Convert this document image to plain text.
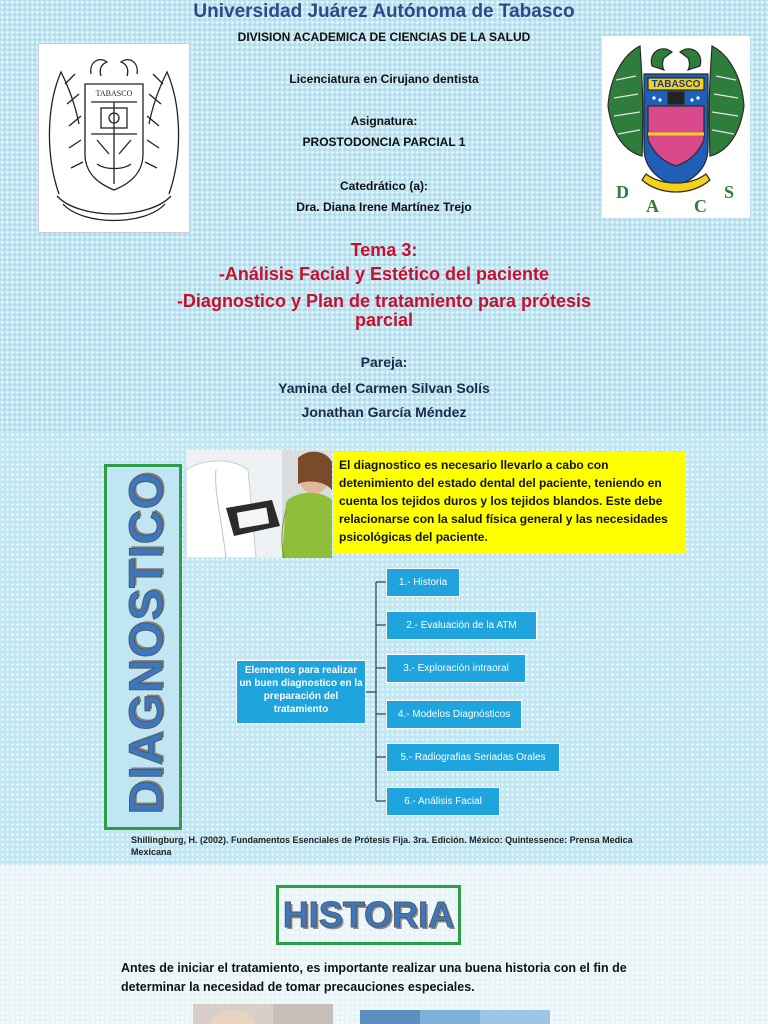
Universidad Juárez Autónoma de Tabasco

DIVISION ACADEMICA DE CIENCIAS DE LA SALUD

Licenciatura en Cirujano dentista

Asignatura:

PROSTODONCIA PARCIAL 1

Catedrático (a):

Dra. Diana Irene Martínez Trejo

Tema 3:

-Análisis Facial y Estético del paciente

-Diagnostico y Plan de tratamiento para prótesis

parcial

Pareja:

Yamina del Carmen Silvan Solís

Jonathan García Méndez

TABASCO
TABASCO
D
A C
S
DIAGNOSTICO

El diagnostico es necesario llevarlo a cabo con detenimiento del estado dental del paciente, teniendo en cuenta los tejidos duros y los tejidos blandos. Este debe relacionarse con la salud física general y las necesidades psicológicas del paciente.

Elementos para realizar un buen diagnostico en la preparación del tratamiento
1.- Historia
2.- Evaluación de la ATM
3.- Exploración intraoral
4.- Modelos Diagnósticos
5.- Radiografias Seriadas Orales
6.- Análisis Facial

Shillingburg, H. (2002). Fundamentos Esenciales de Prótesis Fija. 3ra. Edición. México: Quintessence: Prensa Medica Mexicana

HISTORIA

Antes de iniciar el tratamiento, es importante realizar una buena historia con el fin de determinar la necesidad de tomar precauciones especiales.
